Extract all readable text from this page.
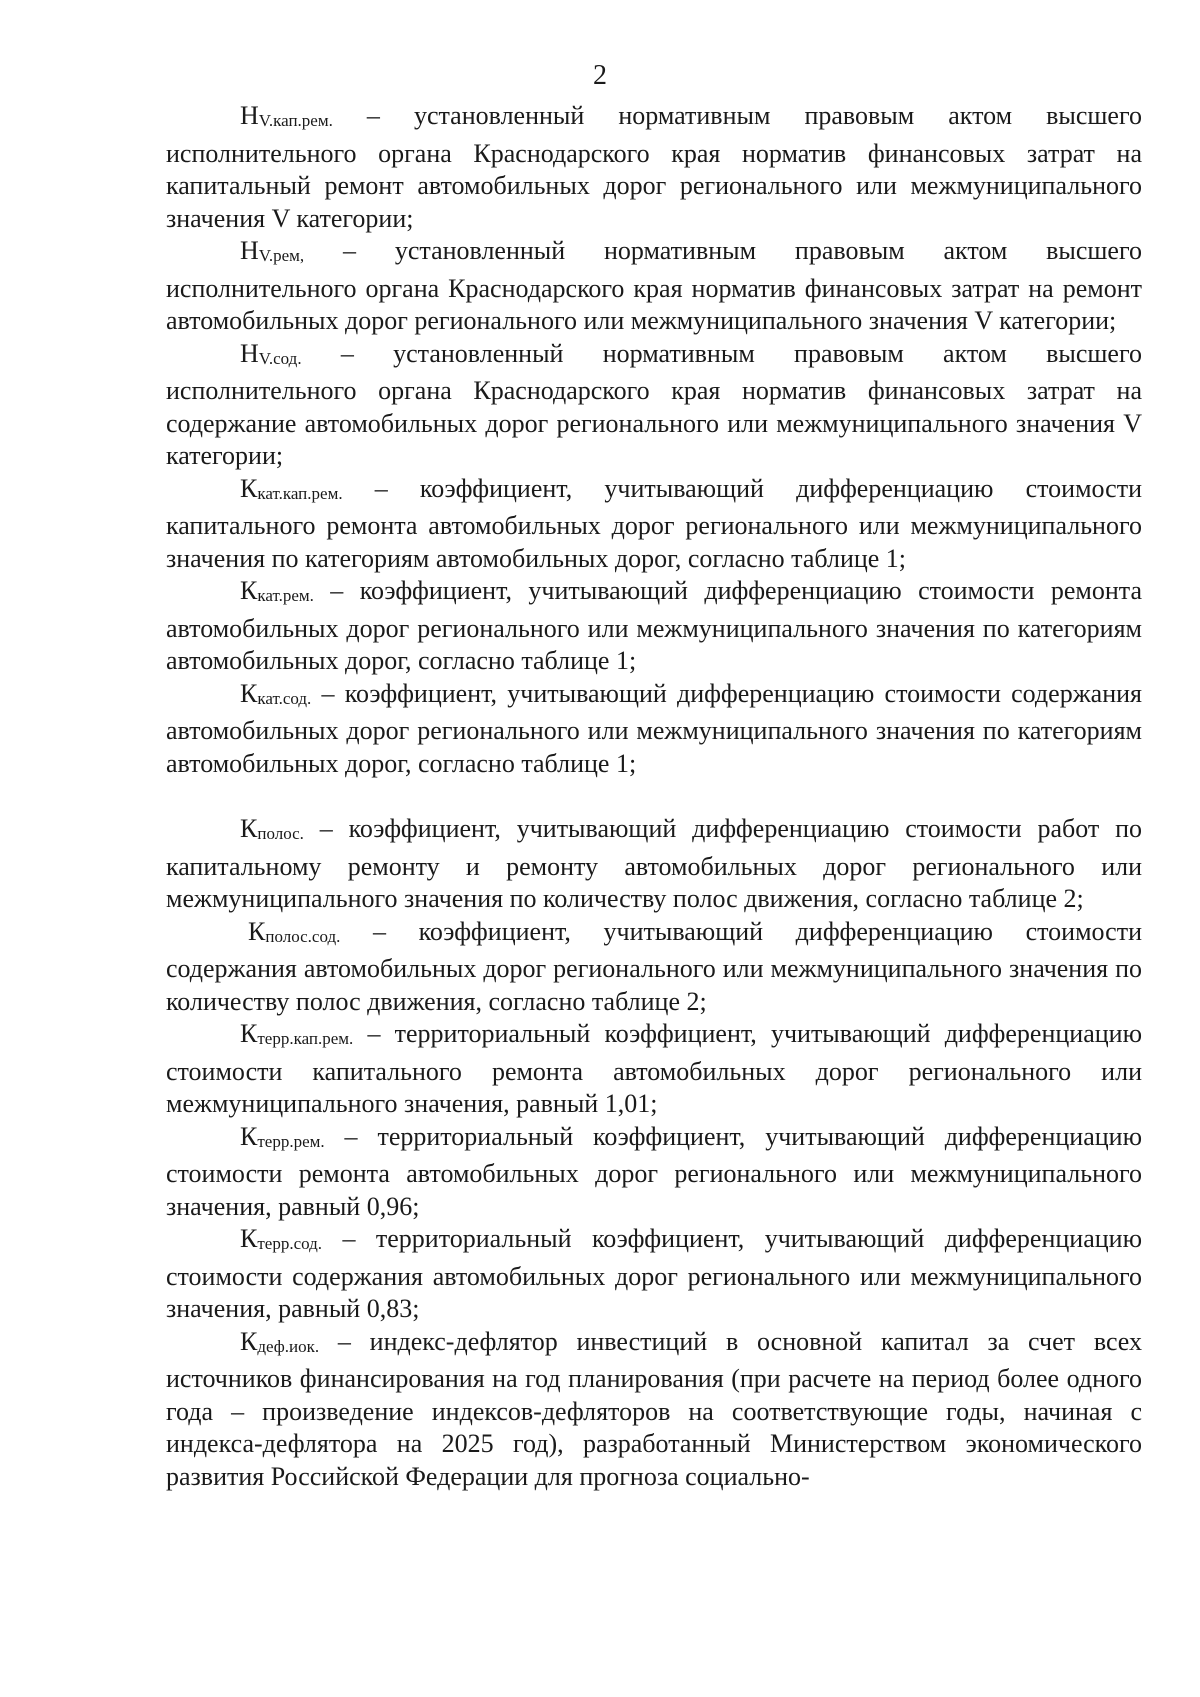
2

$Н_{V.кап.рем.}$ – установленный нормативным правовым актом высшего исполнительного органа Краснодарского края норматив финансовых затрат на капитальный ремонт автомобильных дорог регионального или межмуниципального значения V категории;

$Н_{V.рем,}$ – установленный нормативным правовым актом высшего исполнительного органа Краснодарского края норматив финансовых затрат на ремонт автомобильных дорог регионального или межмуниципального значения V категории;

$Н_{V.сод.}$ – установленный нормативным правовым актом высшего исполнительного органа Краснодарского края норматив финансовых затрат на содержание автомобильных дорог регионального или межмуниципального значения V категории;

$К_{кат.кап.рем.}$ – коэффициент, учитывающий дифференциацию стоимости капитального ремонта автомобильных дорог регионального или межмуниципального значения по категориям автомобильных дорог, согласно таблице 1;

$К_{кат.рем.}$ – коэффициент, учитывающий дифференциацию стоимости ремонта автомобильных дорог регионального или межмуниципального значения по категориям автомобильных дорог, согласно таблице 1;

$К_{кат.сод.}$ – коэффициент, учитывающий дифференциацию стоимости содержания автомобильных дорог регионального или межмуниципального значения по категориям автомобильных дорог, согласно таблице 1;

$К_{полос.}$ – коэффициент, учитывающий дифференциацию стоимости работ по капитальному ремонту и ремонту автомобильных дорог регионального или межмуниципального значения по количеству полос движения, согласно таблице 2;

$К_{полос.сод.}$ – коэффициент, учитывающий дифференциацию стоимости содержания автомобильных дорог регионального или межмуниципального значения по количеству полос движения, согласно таблице 2;

$К_{терр.кап.рем.}$ – территориальный коэффициент, учитывающий дифференциацию стоимости капитального ремонта автомобильных дорог регионального или межмуниципального значения, равный 1,01;

$К_{терр.рем.}$ – территориальный коэффициент, учитывающий дифференциацию стоимости ремонта автомобильных дорог регионального или межмуниципального значения, равный 0,96;

$К_{терр.сод.}$ – территориальный коэффициент, учитывающий дифференциацию стоимости содержания автомобильных дорог регионального или межмуниципального значения, равный 0,83;

$К_{деф.иок.}$ – индекс-дефлятор инвестиций в основной капитал за счет всех источников финансирования на год планирования (при расчете на период более одного года – произведение индексов-дефляторов на соответствующие годы, начиная с индекса-дефлятора на 2025 год), разработанный Министерством экономического развития Российской Федерации для прогноза социально-
